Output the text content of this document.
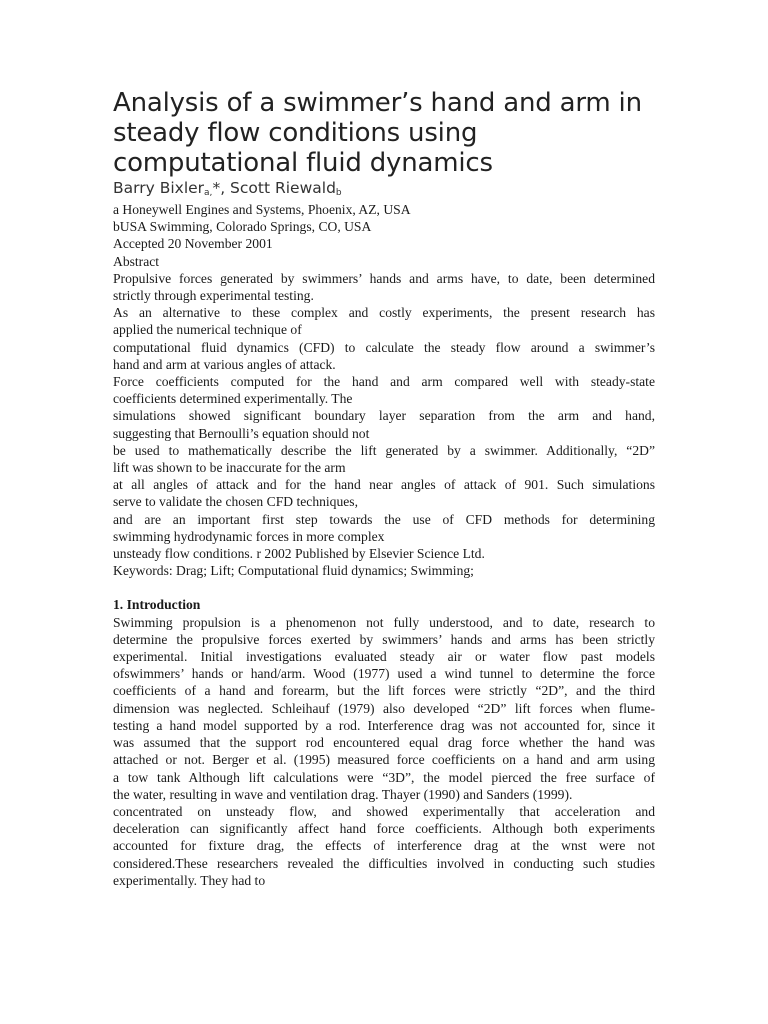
Analysis of a swimmer’s hand and arm in
steady flow conditions using
computational fluid dynamics

Barry Bixlera,*, Scott Riewaldb

a Honeywell Engines and Systems, Phoenix, AZ, USA

bUSA Swimming, Colorado Springs, CO, USA

Accepted 20 November 2001

Abstract

Propulsive forces generated by swimmers’ hands and arms have, to date, been determined

strictly through experimental testing.

As an alternative to these complex and costly experiments, the present research has

applied the numerical technique of

computational fluid dynamics (CFD) to calculate the steady flow around a swimmer’s

hand and arm at various angles of attack.

Force coefficients computed for the hand and arm compared well with steady-state

coefficients determined experimentally. The

simulations showed significant boundary layer separation from the arm and hand,

suggesting that Bernoulli’s equation should not

be used to mathematically describe the lift generated by a swimmer. Additionally, “2D”

lift was shown to be inaccurate for the arm

at all angles of attack and for the hand near angles of attack of 901. Such simulations

serve to validate the chosen CFD techniques,

and are an important first step towards the use of CFD methods for determining

swimming hydrodynamic forces in more complex

unsteady flow conditions. r 2002 Published by Elsevier Science Ltd.

Keywords: Drag; Lift; Computational fluid dynamics; Swimming;

1. Introduction

Swimming propulsion is a phenomenon not fully understood, and to date, research to
determine the propulsive forces exerted by swimmers’ hands and arms has been strictly
experimental. Initial investigations evaluated steady air or water flow past models
ofswimmers’ hands or hand/arm. Wood (1977) used a wind tunnel to determine the force
coefficients of a hand and forearm, but the lift forces were strictly “2D”, and the third
dimension was neglected. Schleihauf (1979) also developed “2D” lift forces when flume-
testing a hand model supported by a rod. Interference drag was not accounted for, since it
was assumed that the support rod encountered equal drag force whether the hand was
attached or not. Berger et al. (1995) measured force coefficients on a hand and arm using
a tow tank Although lift calculations were “3D”, the model pierced the free surface of
the water, resulting in wave and ventilation drag. Thayer (1990) and Sanders (1999).
concentrated on unsteady flow, and showed experimentally that acceleration and
deceleration can significantly affect hand force coefficients. Although both experiments
accounted for fixture drag, the effects of interference drag at the wnst were not
considered.These researchers revealed the difficulties involved in conducting such studies
experimentally. They had to
